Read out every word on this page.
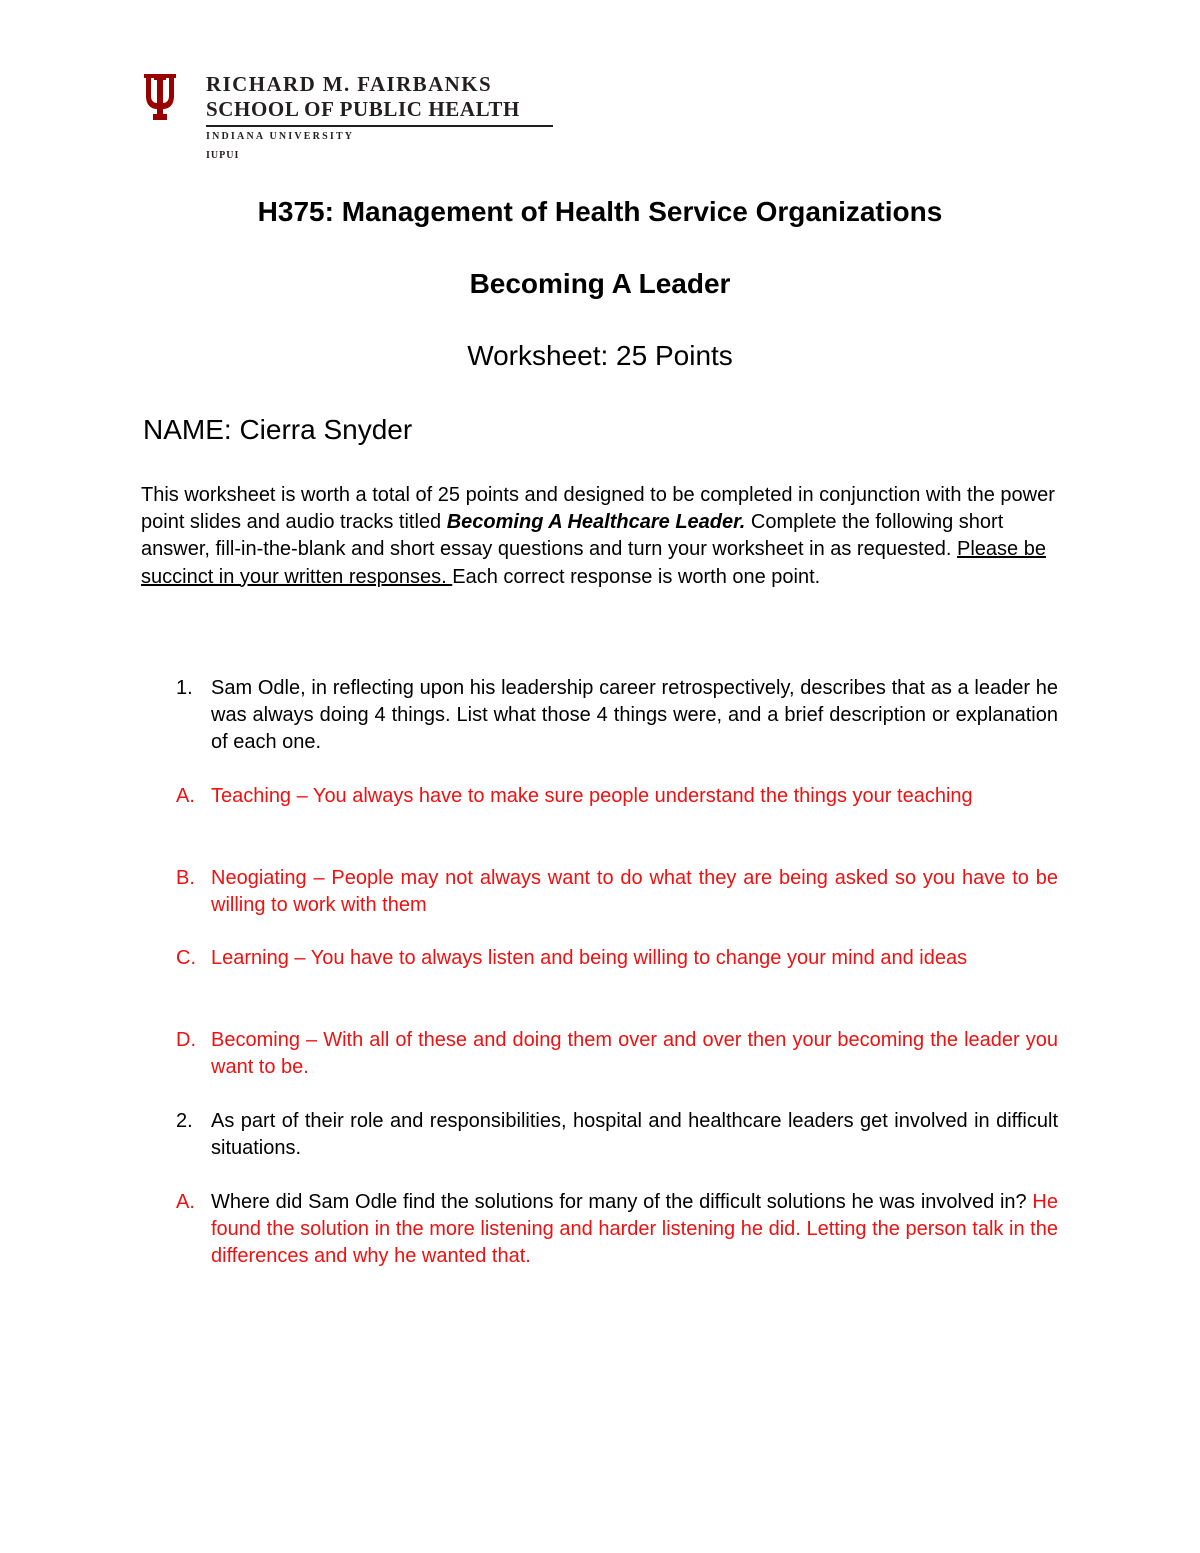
RICHARD M. FAIRBANKS
SCHOOL OF PUBLIC HEALTH
INDIANA UNIVERSITY
IUPUI
H375: Management of Health Service Organizations
Becoming A Leader
Worksheet: 25 Points
NAME: Cierra Snyder

This worksheet is worth a total of 25 points and designed to be completed in conjunction with the power point slides and audio tracks titled Becoming A Healthcare Leader. Complete the following short answer, fill-in-the-blank and short essay questions and turn your worksheet in as requested. Please be succinct in your written responses. Each correct response is worth one point.

1. Sam Odle, in reflecting upon his leadership career retrospectively, describes that as a leader he was always doing 4 things. List what those 4 things were, and a brief description or explanation of each one.
A. Teaching – You always have to make sure people understand the things your teaching
B. Neogiating – People may not always want to do what they are being asked so you have to be willing to work with them
C. Learning – You have to always listen and being willing to change your mind and ideas
D. Becoming – With all of these and doing them over and over then your becoming the leader you want to be.
2. As part of their role and responsibilities, hospital and healthcare leaders get involved in difficult situations.
A. Where did Sam Odle find the solutions for many of the difficult solutions he was involved in? He found the solution in the more listening and harder listening he did. Letting the person talk in the differences and why he wanted that.
